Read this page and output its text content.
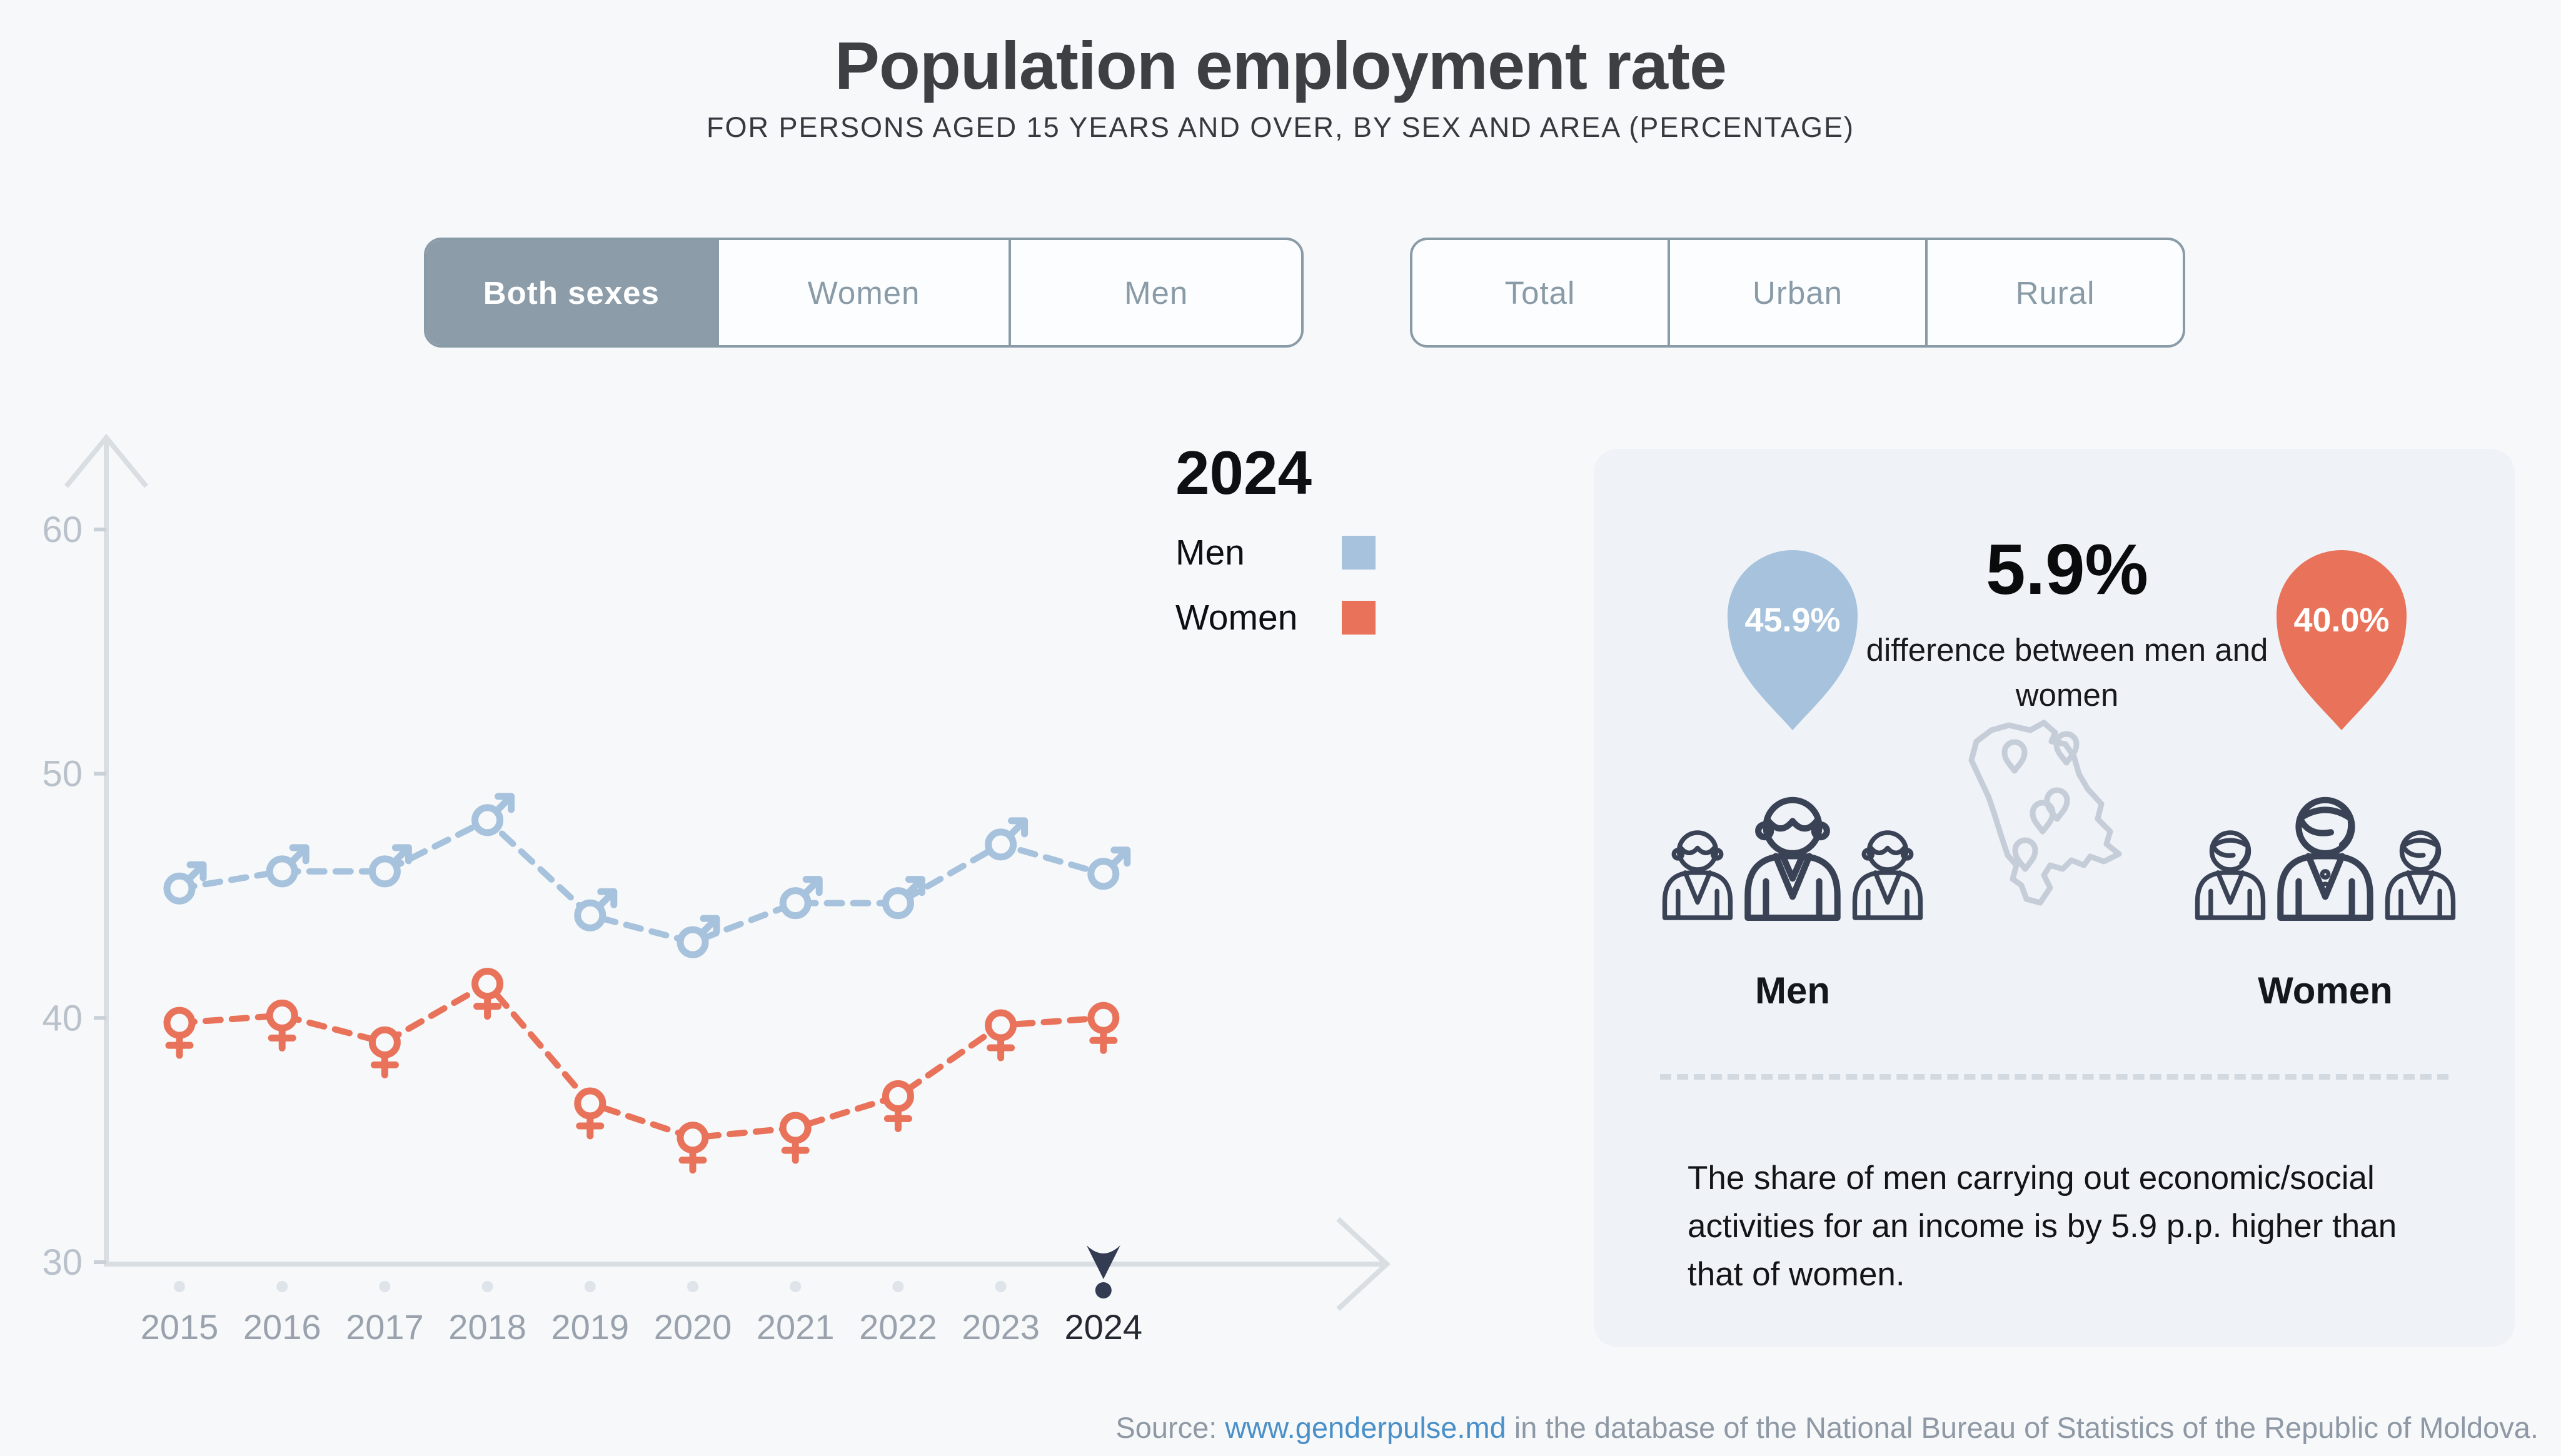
Population employment rate
FOR PERSONS AGED 15 YEARS AND OVER, BY SEX AND AREA (PERCENTAGE)
Both sexes	Women	Men	Total	Urban	Rural
30
40
50
60
2015 2016 2017 2018 2019 2020 2021 2022 2023 2024
2024
Men
Women	45.9%	40.0%
5.9%
difference between men and women
Men	Women

The share of men carrying out economic/social activities for an income is by 5.9 p.p. higher than that of women.

Source: www.genderpulse.md in the database of the National Bureau of Statistics of the Republic of Moldova.
